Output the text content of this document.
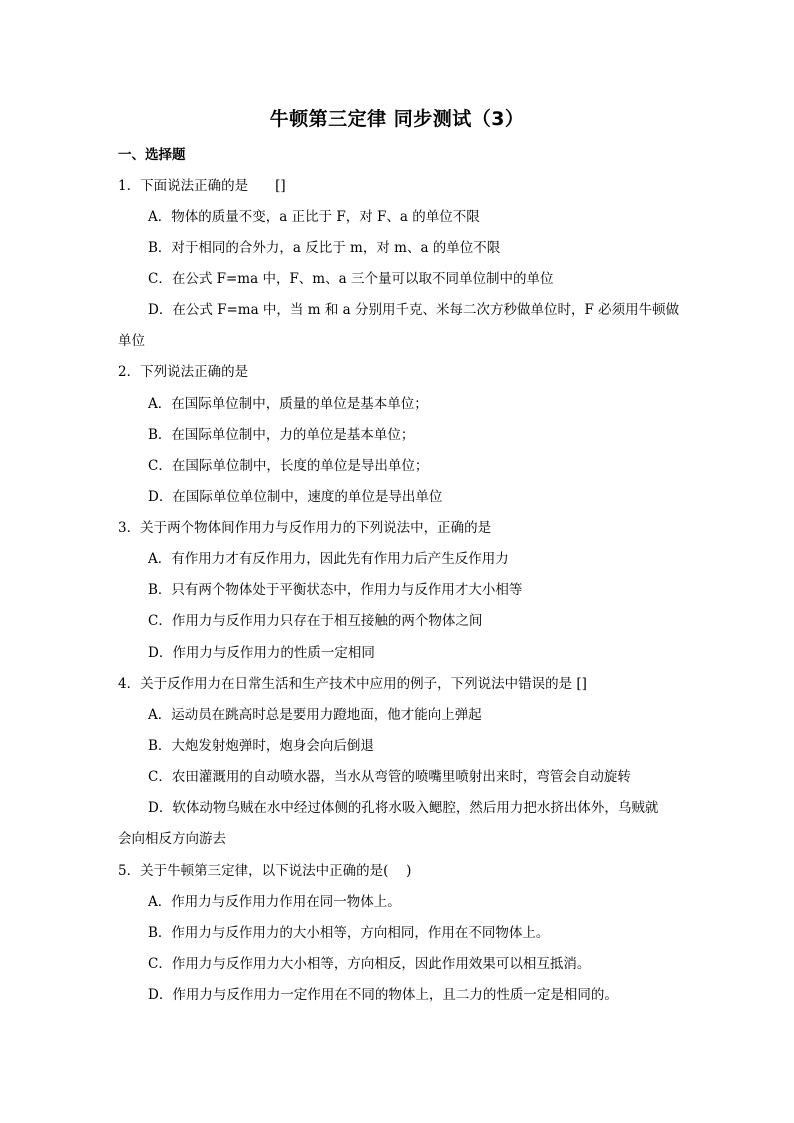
牛顿第三定律 同步测试（3）
一、选择题
1．下面说法正确的是　　[]
A．物体的质量不变，a 正比于 F，对 F、a 的单位不限
B．对于相同的合外力，a 反比于 m，对 m、a 的单位不限
C．在公式 F=ma 中，F、m、a 三个量可以取不同单位制中的单位
D．在公式 F=ma 中，当 m 和 a 分别用千克、米每二次方秒做单位时，F 必须用牛顿做
单位
2．下列说法正确的是
A．在国际单位制中，质量的单位是基本单位；
B．在国际单位制中，力的单位是基本单位；
C．在国际单位制中，长度的单位是导出单位；
D．在国际单位单位制中，速度的单位是导出单位
3．关于两个物体间作用力与反作用力的下列说法中，正确的是
A．有作用力才有反作用力，因此先有作用力后产生反作用力
B．只有两个物体处于平衡状态中，作用力与反作用才大小相等
C．作用力与反作用力只存在于相互接触的两个物体之间
D．作用力与反作用力的性质一定相同
4．关于反作用力在日常生活和生产技术中应用的例子，下列说法中错误的是 []
A．运动员在跳高时总是要用力蹬地面，他才能向上弹起
B．大炮发射炮弹时，炮身会向后倒退
C．农田灌溉用的自动喷水器，当水从弯管的喷嘴里喷射出来时，弯管会自动旋转
D．软体动物乌贼在水中经过体侧的孔将水吸入鳃腔，然后用力把水挤出体外，乌贼就
会向相反方向游去
5．关于牛顿第三定律，以下说法中正确的是(　 )
A．作用力与反作用力作用在同一物体上。
B．作用力与反作用力的大小相等，方向相同，作用在不同物体上。
C．作用力与反作用力大小相等，方向相反，因此作用效果可以相互抵消。
D．作用力与反作用力一定作用在不同的物体上，且二力的性质一定是相同的。
